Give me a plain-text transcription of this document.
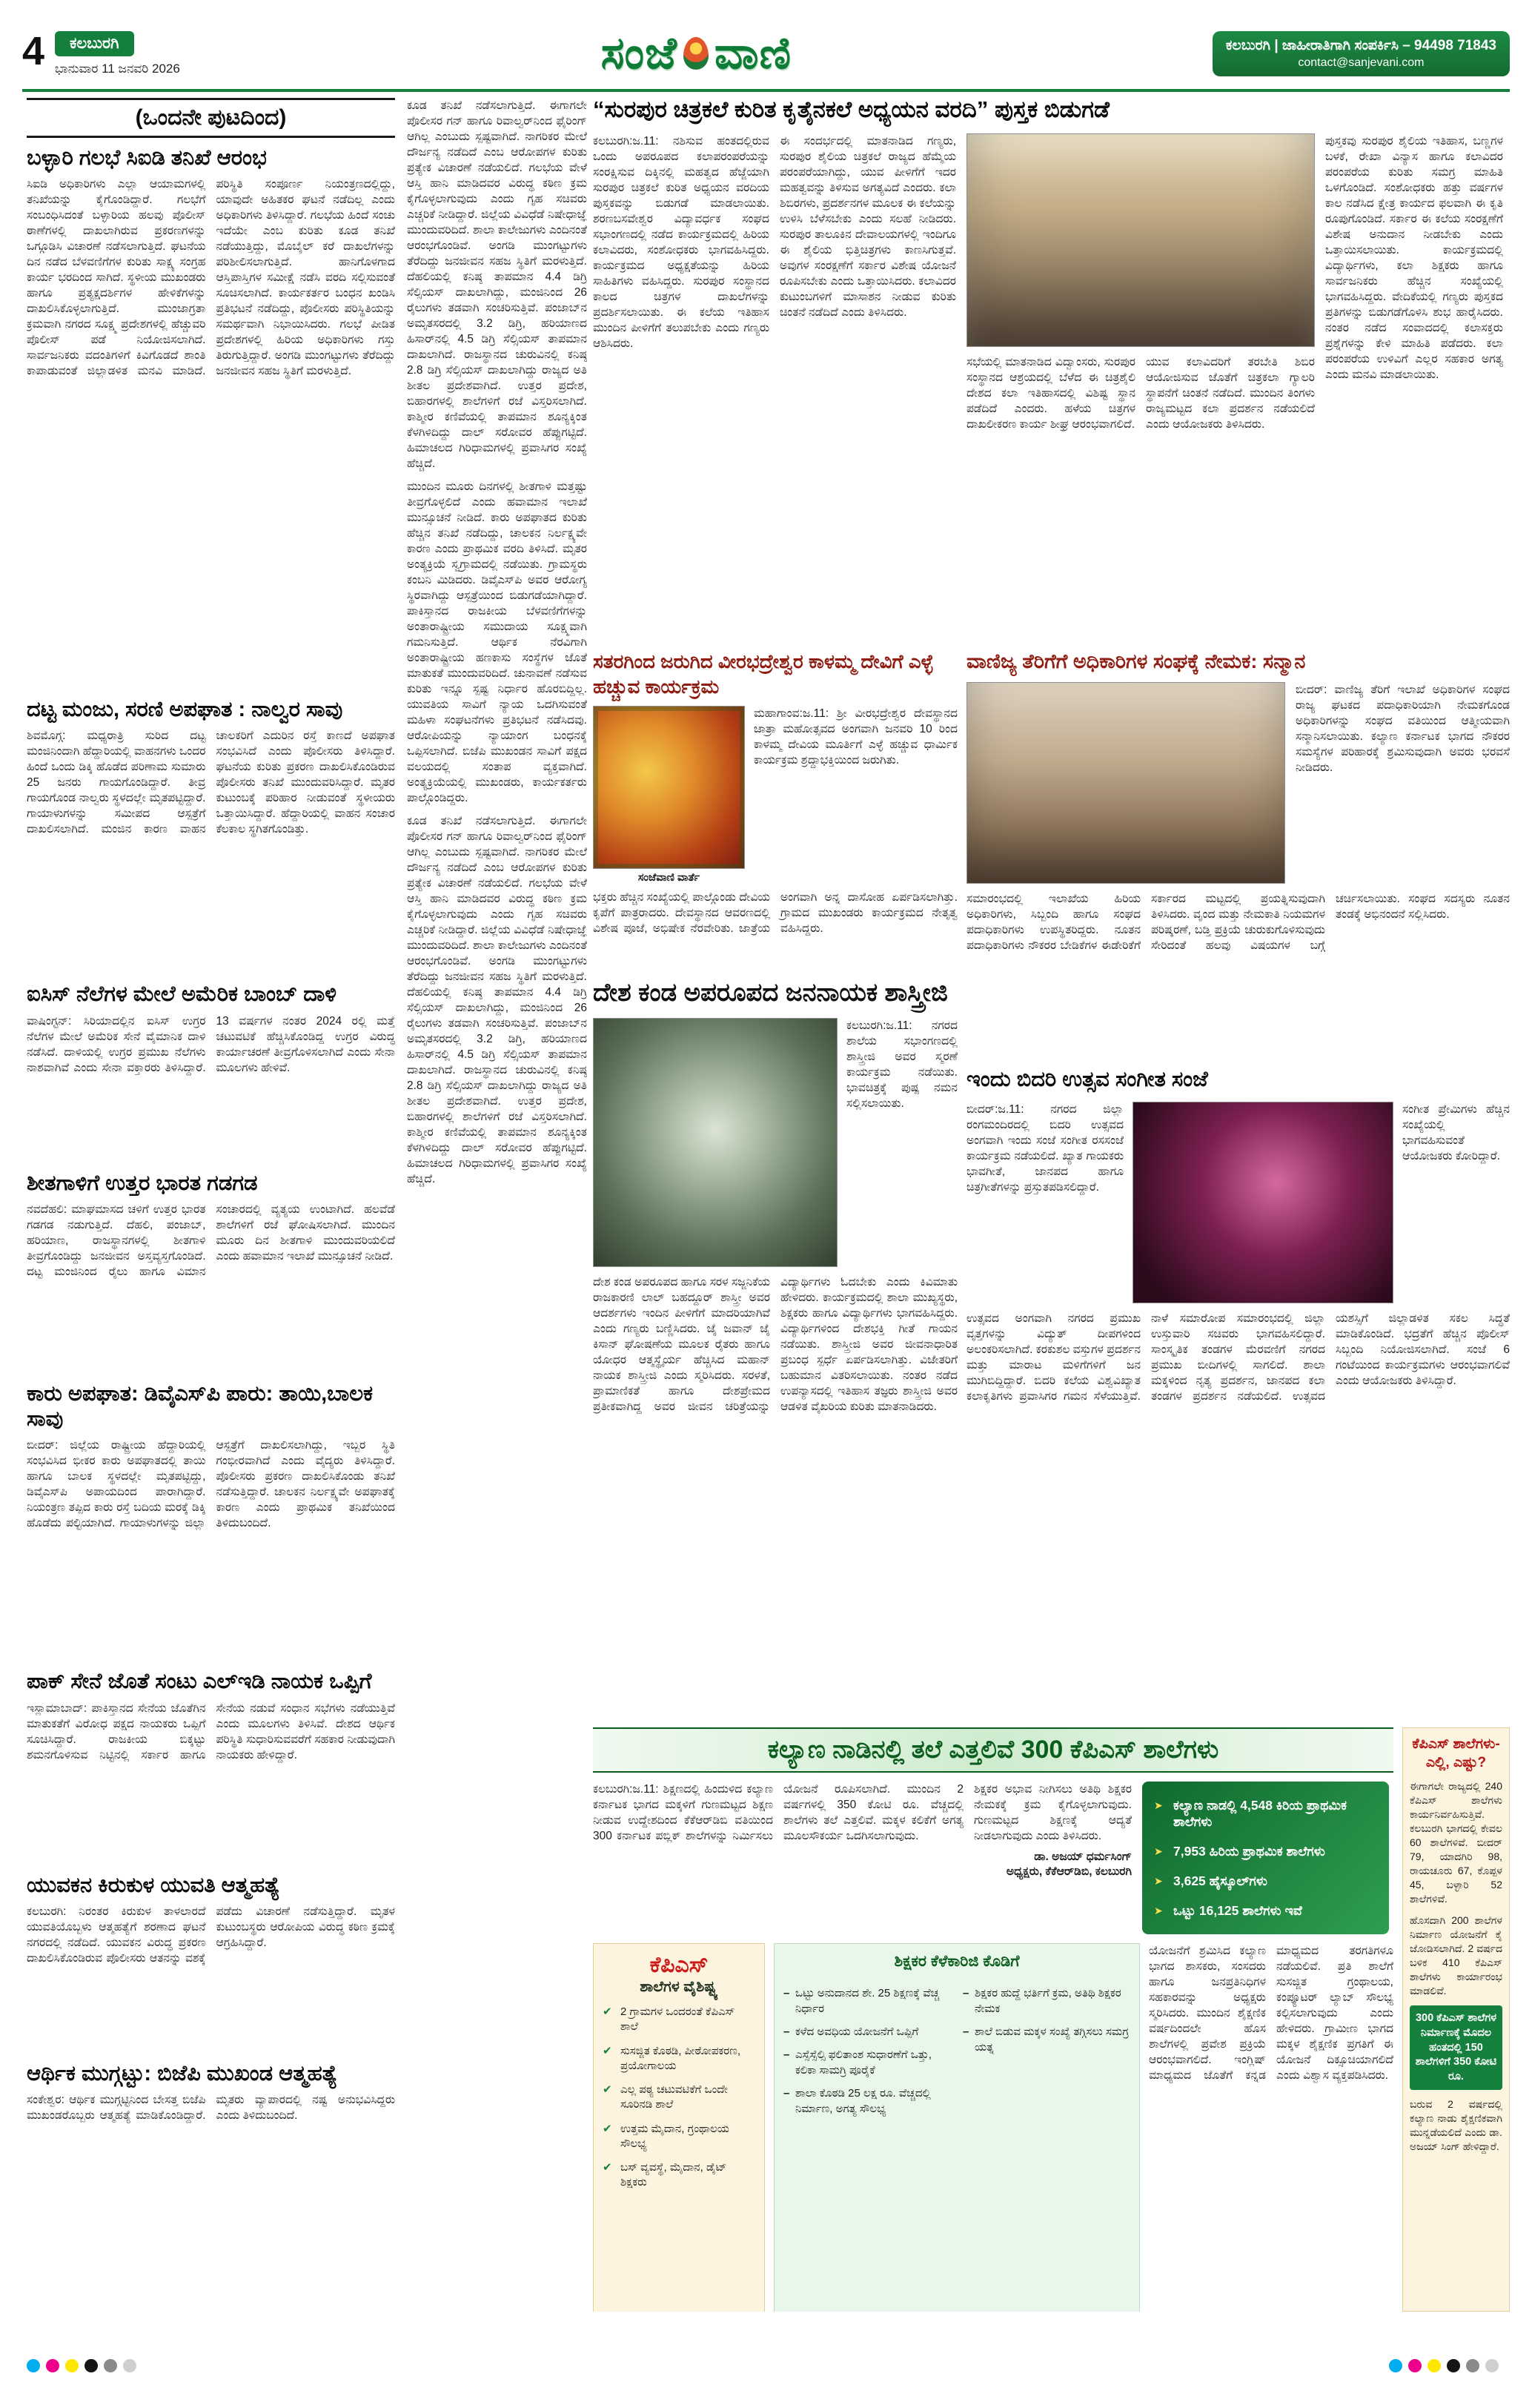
4	ಕಲಬುರಗಿ
ಭಾನುವಾರ 11 ಜನವರಿ 2026	ಸಂಜೆ ವಾಣಿ	ಕಲಬುರಗಿ | ಜಾಹೀರಾತಿಗಾಗಿ ಸಂಪರ್ಕಿಸಿ – 94498 71843
contact@sanjevani.com
(ಒಂದನೇ ಪುಟದಿಂದ)
ಬಳ್ಳಾರಿ ಗಲಭೆ ಸಿಐಡಿ ತನಿಖೆ ಆರಂಭ
ಸಿಐಡಿ ಅಧಿಕಾರಿಗಳು ಎಲ್ಲಾ ಆಯಾಮಗಳಲ್ಲಿ ತನಿಖೆಯನ್ನು ಕೈಗೊಂಡಿದ್ದಾರೆ. ಗಲಭೆಗೆ ಸಂಬಂಧಿಸಿದಂತೆ ಬಳ್ಳಾರಿಯ ಹಲವು ಪೊಲೀಸ್ ಠಾಣೆಗಳಲ್ಲಿ ದಾಖಲಾಗಿರುವ ಪ್ರಕರಣಗಳನ್ನು ಒಗ್ಗೂಡಿಸಿ ವಿಚಾರಣೆ ನಡೆಸಲಾಗುತ್ತಿದೆ. ಘಟನೆಯ ದಿನ ನಡೆದ ಬೆಳವಣಿಗೆಗಳ ಕುರಿತು ಸಾಕ್ಷ್ಯ ಸಂಗ್ರಹ ಕಾರ್ಯ ಭರದಿಂದ ಸಾಗಿದೆ. ಸ್ಥಳೀಯ ಮುಖಂಡರು ಹಾಗೂ ಪ್ರತ್ಯಕ್ಷದರ್ಶಿಗಳ ಹೇಳಿಕೆಗಳನ್ನು ದಾಖಲಿಸಿಕೊಳ್ಳಲಾಗುತ್ತಿದೆ. ಮುಂಜಾಗ್ರತಾ ಕ್ರಮವಾಗಿ ನಗರದ ಸೂಕ್ಷ್ಮ ಪ್ರದೇಶಗಳಲ್ಲಿ ಹೆಚ್ಚುವರಿ ಪೊಲೀಸ್ ಪಡೆ ನಿಯೋಜಿಸಲಾಗಿದೆ. ಸಾರ್ವಜನಿಕರು ವದಂತಿಗಳಿಗೆ ಕಿವಿಗೊಡದೆ ಶಾಂತಿ ಕಾಪಾಡುವಂತೆ ಜಿಲ್ಲಾಡಳಿತ ಮನವಿ ಮಾಡಿದೆ. ಪರಿಸ್ಥಿತಿ ಸಂಪೂರ್ಣ ನಿಯಂತ್ರಣದಲ್ಲಿದ್ದು, ಯಾವುದೇ ಅಹಿತಕರ ಘಟನೆ ನಡೆದಿಲ್ಲ ಎಂದು ಅಧಿಕಾರಿಗಳು ತಿಳಿಸಿದ್ದಾರೆ. ಗಲಭೆಯ ಹಿಂದೆ ಸಂಚು ಇದೆಯೇ ಎಂಬ ಕುರಿತು ಕೂಡ ತನಿಖೆ ನಡೆಯುತ್ತಿದ್ದು, ಮೊಬೈಲ್ ಕರೆ ದಾಖಲೆಗಳನ್ನು ಪರಿಶೀಲಿಸಲಾಗುತ್ತಿದೆ. ಹಾನಿಗೊಳಗಾದ ಆಸ್ತಿಪಾಸ್ತಿಗಳ ಸಮೀಕ್ಷೆ ನಡೆಸಿ ವರದಿ ಸಲ್ಲಿಸುವಂತೆ ಸೂಚಿಸಲಾಗಿದೆ. ಕಾರ್ಯಕರ್ತರ ಬಂಧನ ಖಂಡಿಸಿ ಪ್ರತಿಭಟನೆ ನಡೆದಿದ್ದು, ಪೊಲೀಸರು ಪರಿಸ್ಥಿತಿಯನ್ನು ಸಮರ್ಥವಾಗಿ ನಿಭಾಯಿಸಿದರು. ಗಲಭೆ ಪೀಡಿತ ಪ್ರದೇಶಗಳಲ್ಲಿ ಹಿರಿಯ ಅಧಿಕಾರಿಗಳು ಗಸ್ತು ತಿರುಗುತ್ತಿದ್ದಾರೆ. ಅಂಗಡಿ ಮುಂಗಟ್ಟುಗಳು ತೆರೆದಿದ್ದು ಜನಜೀವನ ಸಹಜ ಸ್ಥಿತಿಗೆ ಮರಳುತ್ತಿದೆ.
ದಟ್ಟ ಮಂಜು, ಸರಣಿ ಅಪಘಾತ : ನಾಲ್ವರ ಸಾವು
ಶಿವಮೊಗ್ಗ: ಮಧ್ಯರಾತ್ರಿ ಸುರಿದ ದಟ್ಟ ಮಂಜಿನಿಂದಾಗಿ ಹೆದ್ದಾರಿಯಲ್ಲಿ ವಾಹನಗಳು ಒಂದರ ಹಿಂದೆ ಒಂದು ಡಿಕ್ಕಿ ಹೊಡೆದ ಪರಿಣಾಮ ಸುಮಾರು 25 ಜನರು ಗಾಯಗೊಂಡಿದ್ದಾರೆ. ತೀವ್ರ ಗಾಯಗೊಂಡ ನಾಲ್ವರು ಸ್ಥಳದಲ್ಲೇ ಮೃತಪಟ್ಟಿದ್ದಾರೆ. ಗಾಯಾಳುಗಳನ್ನು ಸಮೀಪದ ಆಸ್ಪತ್ರೆಗೆ ದಾಖಲಿಸಲಾಗಿದೆ. ಮಂಜಿನ ಕಾರಣ ವಾಹನ ಚಾಲಕರಿಗೆ ಎದುರಿನ ರಸ್ತೆ ಕಾಣದೆ ಅಪಘಾತ ಸಂಭವಿಸಿದೆ ಎಂದು ಪೊಲೀಸರು ತಿಳಿಸಿದ್ದಾರೆ. ಘಟನೆಯ ಕುರಿತು ಪ್ರಕರಣ ದಾಖಲಿಸಿಕೊಂಡಿರುವ ಪೊಲೀಸರು ತನಿಖೆ ಮುಂದುವರಿಸಿದ್ದಾರೆ. ಮೃತರ ಕುಟುಂಬಕ್ಕೆ ಪರಿಹಾರ ನೀಡುವಂತೆ ಸ್ಥಳೀಯರು ಒತ್ತಾಯಿಸಿದ್ದಾರೆ. ಹೆದ್ದಾರಿಯಲ್ಲಿ ವಾಹನ ಸಂಚಾರ ಕೆಲಕಾಲ ಸ್ಥಗಿತಗೊಂಡಿತ್ತು.
ಐಸಿಸ್ ನೆಲೆಗಳ ಮೇಲೆ ಅಮೆರಿಕ ಬಾಂಬ್ ದಾಳಿ
ವಾಷಿಂಗ್ಟನ್: ಸಿರಿಯಾದಲ್ಲಿನ ಐಸಿಸ್ ಉಗ್ರರ ನೆಲೆಗಳ ಮೇಲೆ ಅಮೆರಿಕ ಸೇನೆ ವೈಮಾನಿಕ ದಾಳಿ ನಡೆಸಿದೆ. ದಾಳಿಯಲ್ಲಿ ಉಗ್ರರ ಪ್ರಮುಖ ನೆಲೆಗಳು ನಾಶವಾಗಿವೆ ಎಂದು ಸೇನಾ ವಕ್ತಾರರು ತಿಳಿಸಿದ್ದಾರೆ. 13 ವರ್ಷಗಳ ನಂತರ 2024 ರಲ್ಲಿ ಮತ್ತೆ ಚಟುವಟಿಕೆ ಹೆಚ್ಚಿಸಿಕೊಂಡಿದ್ದ ಉಗ್ರರ ವಿರುದ್ಧ ಕಾರ್ಯಾಚರಣೆ ತೀವ್ರಗೊಳಿಸಲಾಗಿದೆ ಎಂದು ಸೇನಾ ಮೂಲಗಳು ಹೇಳಿವೆ.
ಶೀತಗಾಳಿಗೆ ಉತ್ತರ ಭಾರತ ಗಡಗಡ
ನವದೆಹಲಿ: ಮಾಘಮಾಸದ ಚಳಿಗೆ ಉತ್ತರ ಭಾರತ ಗಡಗಡ ನಡುಗುತ್ತಿದೆ. ದೆಹಲಿ, ಪಂಜಾಬ್, ಹರಿಯಾಣ, ರಾಜಸ್ಥಾನಗಳಲ್ಲಿ ಶೀತಗಾಳಿ ತೀವ್ರಗೊಂಡಿದ್ದು ಜನಜೀವನ ಅಸ್ತವ್ಯಸ್ತಗೊಂಡಿದೆ. ದಟ್ಟ ಮಂಜಿನಿಂದ ರೈಲು ಹಾಗೂ ವಿಮಾನ ಸಂಚಾರದಲ್ಲಿ ವ್ಯತ್ಯಯ ಉಂಟಾಗಿದೆ. ಹಲವೆಡೆ ಶಾಲೆಗಳಿಗೆ ರಜೆ ಘೋಷಿಸಲಾಗಿದೆ. ಮುಂದಿನ ಮೂರು ದಿನ ಶೀತಗಾಳಿ ಮುಂದುವರಿಯಲಿದೆ ಎಂದು ಹವಾಮಾನ ಇಲಾಖೆ ಮುನ್ಸೂಚನೆ ನೀಡಿದೆ.
ಕಾರು ಅಪಘಾತ: ಡಿವೈಎಸ್‌ಪಿ ಪಾರು: ತಾಯಿ,ಬಾಲಕ ಸಾವು
ಬೀದರ್: ಜಿಲ್ಲೆಯ ರಾಷ್ಟ್ರೀಯ ಹೆದ್ದಾರಿಯಲ್ಲಿ ಸಂಭವಿಸಿದ ಭೀಕರ ಕಾರು ಅಪಘಾತದಲ್ಲಿ ತಾಯಿ ಹಾಗೂ ಬಾಲಕ ಸ್ಥಳದಲ್ಲೇ ಮೃತಪಟ್ಟಿದ್ದು, ಡಿವೈಎಸ್‌ಪಿ ಅಪಾಯದಿಂದ ಪಾರಾಗಿದ್ದಾರೆ. ನಿಯಂತ್ರಣ ತಪ್ಪಿದ ಕಾರು ರಸ್ತೆ ಬದಿಯ ಮರಕ್ಕೆ ಡಿಕ್ಕಿ ಹೊಡೆದು ಪಲ್ಟಿಯಾಗಿದೆ. ಗಾಯಾಳುಗಳನ್ನು ಜಿಲ್ಲಾ ಆಸ್ಪತ್ರೆಗೆ ದಾಖಲಿಸಲಾಗಿದ್ದು, ಇಬ್ಬರ ಸ್ಥಿತಿ ಗಂಭೀರವಾಗಿದೆ ಎಂದು ವೈದ್ಯರು ತಿಳಿಸಿದ್ದಾರೆ. ಪೊಲೀಸರು ಪ್ರಕರಣ ದಾಖಲಿಸಿಕೊಂಡು ತನಿಖೆ ನಡೆಸುತ್ತಿದ್ದಾರೆ. ಚಾಲಕನ ನಿರ್ಲಕ್ಷ್ಯವೇ ಅಪಘಾತಕ್ಕೆ ಕಾರಣ ಎಂದು ಪ್ರಾಥಮಿಕ ತನಿಖೆಯಿಂದ ತಿಳಿದುಬಂದಿದೆ.
ಪಾಕ್ ಸೇನೆ ಜೊತೆ ಸಂಟು ಎಲ್‌ಇಡಿ ನಾಯಕ ಒಪ್ಪಿಗೆ
ಇಸ್ಲಾಮಾಬಾದ್: ಪಾಕಿಸ್ತಾನದ ಸೇನೆಯ ಜೊತೆಗಿನ ಮಾತುಕತೆಗೆ ವಿರೋಧ ಪಕ್ಷದ ನಾಯಕರು ಒಪ್ಪಿಗೆ ಸೂಚಿಸಿದ್ದಾರೆ. ರಾಜಕೀಯ ಬಿಕ್ಕಟ್ಟು ಶಮನಗೊಳಿಸುವ ನಿಟ್ಟಿನಲ್ಲಿ ಸರ್ಕಾರ ಹಾಗೂ ಸೇನೆಯ ನಡುವೆ ಸಂಧಾನ ಸಭೆಗಳು ನಡೆಯುತ್ತಿವೆ ಎಂದು ಮೂಲಗಳು ತಿಳಿಸಿವೆ. ದೇಶದ ಆರ್ಥಿಕ ಪರಿಸ್ಥಿತಿ ಸುಧಾರಿಸುವವರೆಗೆ ಸಹಕಾರ ನೀಡುವುದಾಗಿ ನಾಯಕರು ಹೇಳಿದ್ದಾರೆ.
ಯುವಕನ ಕಿರುಕುಳ ಯುವತಿ ಆತ್ಮಹತ್ಯೆ
ಕಲಬುರಗಿ: ನಿರಂತರ ಕಿರುಕುಳ ತಾಳಲಾರದೆ ಯುವತಿಯೊಬ್ಬಳು ಆತ್ಮಹತ್ಯೆಗೆ ಶರಣಾದ ಘಟನೆ ನಗರದಲ್ಲಿ ನಡೆದಿದೆ. ಯುವಕನ ವಿರುದ್ಧ ಪ್ರಕರಣ ದಾಖಲಿಸಿಕೊಂಡಿರುವ ಪೊಲೀಸರು ಆತನನ್ನು ವಶಕ್ಕೆ ಪಡೆದು ವಿಚಾರಣೆ ನಡೆಸುತ್ತಿದ್ದಾರೆ. ಮೃತಳ ಕುಟುಂಬಸ್ಥರು ಆರೋಪಿಯ ವಿರುದ್ಧ ಕಠಿಣ ಕ್ರಮಕ್ಕೆ ಆಗ್ರಹಿಸಿದ್ದಾರೆ.
ಆರ್ಥಿಕ ಮುಗ್ಗಟ್ಟು: ಬಿಜೆಪಿ ಮುಖಂಡ ಆತ್ಮಹತ್ಯೆ
ಸಂಕೇಶ್ವರ: ಆರ್ಥಿಕ ಮುಗ್ಗಟ್ಟಿನಿಂದ ಬೇಸತ್ತ ಬಿಜೆಪಿ ಮುಖಂಡರೊಬ್ಬರು ಆತ್ಮಹತ್ಯೆ ಮಾಡಿಕೊಂಡಿದ್ದಾರೆ. ಮೃತರು ವ್ಯಾಪಾರದಲ್ಲಿ ನಷ್ಟ ಅನುಭವಿಸಿದ್ದರು ಎಂದು ತಿಳಿದುಬಂದಿದೆ.

ಕೂಡ ತನಿಖೆ ನಡೆಸಲಾಗುತ್ತಿದೆ. ಈಗಾಗಲೇ ಪೊಲೀಸರ ಗನ್ ಹಾಗೂ ರಿವಾಲ್ವರ್‌ನಿಂದ ಫೈರಿಂಗ್ ಆಗಿಲ್ಲ ಎಂಬುದು ಸ್ಪಷ್ಟವಾಗಿದೆ. ನಾಗರಿಕರ ಮೇಲೆ ದೌರ್ಜನ್ಯ ನಡೆದಿದೆ ಎಂಬ ಆರೋಪಗಳ ಕುರಿತು ಪ್ರತ್ಯೇಕ ವಿಚಾರಣೆ ನಡೆಯಲಿದೆ. ಗಲಭೆಯ ವೇಳೆ ಆಸ್ತಿ ಹಾನಿ ಮಾಡಿದವರ ವಿರುದ್ಧ ಕಠಿಣ ಕ್ರಮ ಕೈಗೊಳ್ಳಲಾಗುವುದು ಎಂದು ಗೃಹ ಸಚಿವರು ಎಚ್ಚರಿಕೆ ನೀಡಿದ್ದಾರೆ. ಜಿಲ್ಲೆಯ ವಿವಿಧೆಡೆ ನಿಷೇಧಾಜ್ಞೆ ಮುಂದುವರಿದಿದೆ. ಶಾಲಾ ಕಾಲೇಜುಗಳು ಎಂದಿನಂತೆ ಆರಂಭಗೊಂಡಿವೆ. ಅಂಗಡಿ ಮುಂಗಟ್ಟುಗಳು ತೆರೆದಿದ್ದು ಜನಜೀವನ ಸಹಜ ಸ್ಥಿತಿಗೆ ಮರಳುತ್ತಿದೆ. ದೆಹಲಿಯಲ್ಲಿ ಕನಿಷ್ಠ ತಾಪಮಾನ 4.4 ಡಿಗ್ರಿ ಸೆಲ್ಸಿಯಸ್ ದಾಖಲಾಗಿದ್ದು, ಮಂಜಿನಿಂದ 26 ರೈಲುಗಳು ತಡವಾಗಿ ಸಂಚರಿಸುತ್ತಿವೆ. ಪಂಜಾಬ್‌ನ ಅಮೃತಸರದಲ್ಲಿ 3.2 ಡಿಗ್ರಿ, ಹರಿಯಾಣದ ಹಿಸಾರ್‌ನಲ್ಲಿ 4.5 ಡಿಗ್ರಿ ಸೆಲ್ಸಿಯಸ್ ತಾಪಮಾನ ದಾಖಲಾಗಿದೆ. ರಾಜಸ್ಥಾನದ ಚುರುವಿನಲ್ಲಿ ಕನಿಷ್ಠ 2.8 ಡಿಗ್ರಿ ಸೆಲ್ಸಿಯಸ್ ದಾಖಲಾಗಿದ್ದು ರಾಜ್ಯದ ಅತಿ ಶೀತಲ ಪ್ರದೇಶವಾಗಿದೆ. ಉತ್ತರ ಪ್ರದೇಶ, ಬಿಹಾರಗಳಲ್ಲಿ ಶಾಲೆಗಳಿಗೆ ರಜೆ ವಿಸ್ತರಿಸಲಾಗಿದೆ. ಕಾಶ್ಮೀರ ಕಣಿವೆಯಲ್ಲಿ ತಾಪಮಾನ ಶೂನ್ಯಕ್ಕಿಂತ ಕೆಳಗಿಳಿದಿದ್ದು ದಾಲ್ ಸರೋವರ ಹೆಪ್ಪುಗಟ್ಟಿದೆ. ಹಿಮಾಚಲದ ಗಿರಿಧಾಮಗಳಲ್ಲಿ ಪ್ರವಾಸಿಗರ ಸಂಖ್ಯೆ ಹೆಚ್ಚಿದೆ.

ಮುಂದಿನ ಮೂರು ದಿನಗಳಲ್ಲಿ ಶೀತಗಾಳಿ ಮತ್ತಷ್ಟು ತೀವ್ರಗೊಳ್ಳಲಿದೆ ಎಂದು ಹವಾಮಾನ ಇಲಾಖೆ ಮುನ್ಸೂಚನೆ ನೀಡಿದೆ. ಕಾರು ಅಪಘಾತದ ಕುರಿತು ಹೆಚ್ಚಿನ ತನಿಖೆ ನಡೆದಿದ್ದು, ಚಾಲಕನ ನಿರ್ಲಕ್ಷ್ಯವೇ ಕಾರಣ ಎಂದು ಪ್ರಾಥಮಿಕ ವರದಿ ತಿಳಿಸಿದೆ. ಮೃತರ ಅಂತ್ಯಕ್ರಿಯೆ ಸ್ವಗ್ರಾಮದಲ್ಲಿ ನಡೆಯಿತು. ಗ್ರಾಮಸ್ಥರು ಕಂಬನಿ ಮಿಡಿದರು. ಡಿವೈಎಸ್‌ಪಿ ಅವರ ಆರೋಗ್ಯ ಸ್ಥಿರವಾಗಿದ್ದು ಆಸ್ಪತ್ರೆಯಿಂದ ಬಿಡುಗಡೆಯಾಗಿದ್ದಾರೆ. ಪಾಕಿಸ್ತಾನದ ರಾಜಕೀಯ ಬೆಳವಣಿಗೆಗಳನ್ನು ಅಂತಾರಾಷ್ಟ್ರೀಯ ಸಮುದಾಯ ಸೂಕ್ಷ್ಮವಾಗಿ ಗಮನಿಸುತ್ತಿದೆ. ಆರ್ಥಿಕ ನೆರವಿಗಾಗಿ ಅಂತಾರಾಷ್ಟ್ರೀಯ ಹಣಕಾಸು ಸಂಸ್ಥೆಗಳ ಜೊತೆ ಮಾತುಕತೆ ಮುಂದುವರಿದಿದೆ. ಚುನಾವಣೆ ನಡೆಸುವ ಕುರಿತು ಇನ್ನೂ ಸ್ಪಷ್ಟ ನಿರ್ಧಾರ ಹೊರಬಿದ್ದಿಲ್ಲ. ಯುವತಿಯ ಸಾವಿಗೆ ನ್ಯಾಯ ಒದಗಿಸುವಂತೆ ಮಹಿಳಾ ಸಂಘಟನೆಗಳು ಪ್ರತಿಭಟನೆ ನಡೆಸಿದವು. ಆರೋಪಿಯನ್ನು ನ್ಯಾಯಾಂಗ ಬಂಧನಕ್ಕೆ ಒಪ್ಪಿಸಲಾಗಿದೆ. ಬಿಜೆಪಿ ಮುಖಂಡನ ಸಾವಿಗೆ ಪಕ್ಷದ ವಲಯದಲ್ಲಿ ಸಂತಾಪ ವ್ಯಕ್ತವಾಗಿದೆ. ಅಂತ್ಯಕ್ರಿಯೆಯಲ್ಲಿ ಮುಖಂಡರು, ಕಾರ್ಯಕರ್ತರು ಪಾಲ್ಗೊಂಡಿದ್ದರು.

ಕೂಡ ತನಿಖೆ ನಡೆಸಲಾಗುತ್ತಿದೆ. ಈಗಾಗಲೇ ಪೊಲೀಸರ ಗನ್ ಹಾಗೂ ರಿವಾಲ್ವರ್‌ನಿಂದ ಫೈರಿಂಗ್ ಆಗಿಲ್ಲ ಎಂಬುದು ಸ್ಪಷ್ಟವಾಗಿದೆ. ನಾಗರಿಕರ ಮೇಲೆ ದೌರ್ಜನ್ಯ ನಡೆದಿದೆ ಎಂಬ ಆರೋಪಗಳ ಕುರಿತು ಪ್ರತ್ಯೇಕ ವಿಚಾರಣೆ ನಡೆಯಲಿದೆ. ಗಲಭೆಯ ವೇಳೆ ಆಸ್ತಿ ಹಾನಿ ಮಾಡಿದವರ ವಿರುದ್ಧ ಕಠಿಣ ಕ್ರಮ ಕೈಗೊಳ್ಳಲಾಗುವುದು ಎಂದು ಗೃಹ ಸಚಿವರು ಎಚ್ಚರಿಕೆ ನೀಡಿದ್ದಾರೆ. ಜಿಲ್ಲೆಯ ವಿವಿಧೆಡೆ ನಿಷೇಧಾಜ್ಞೆ ಮುಂದುವರಿದಿದೆ. ಶಾಲಾ ಕಾಲೇಜುಗಳು ಎಂದಿನಂತೆ ಆರಂಭಗೊಂಡಿವೆ. ಅಂಗಡಿ ಮುಂಗಟ್ಟುಗಳು ತೆರೆದಿದ್ದು ಜನಜೀವನ ಸಹಜ ಸ್ಥಿತಿಗೆ ಮರಳುತ್ತಿದೆ. ದೆಹಲಿಯಲ್ಲಿ ಕನಿಷ್ಠ ತಾಪಮಾನ 4.4 ಡಿಗ್ರಿ ಸೆಲ್ಸಿಯಸ್ ದಾಖಲಾಗಿದ್ದು, ಮಂಜಿನಿಂದ 26 ರೈಲುಗಳು ತಡವಾಗಿ ಸಂಚರಿಸುತ್ತಿವೆ. ಪಂಜಾಬ್‌ನ ಅಮೃತಸರದಲ್ಲಿ 3.2 ಡಿಗ್ರಿ, ಹರಿಯಾಣದ ಹಿಸಾರ್‌ನಲ್ಲಿ 4.5 ಡಿಗ್ರಿ ಸೆಲ್ಸಿಯಸ್ ತಾಪಮಾನ ದಾಖಲಾಗಿದೆ. ರಾಜಸ್ಥಾನದ ಚುರುವಿನಲ್ಲಿ ಕನಿಷ್ಠ 2.8 ಡಿಗ್ರಿ ಸೆಲ್ಸಿಯಸ್ ದಾಖಲಾಗಿದ್ದು ರಾಜ್ಯದ ಅತಿ ಶೀತಲ ಪ್ರದೇಶವಾಗಿದೆ. ಉತ್ತರ ಪ್ರದೇಶ, ಬಿಹಾರಗಳಲ್ಲಿ ಶಾಲೆಗಳಿಗೆ ರಜೆ ವಿಸ್ತರಿಸಲಾಗಿದೆ. ಕಾಶ್ಮೀರ ಕಣಿವೆಯಲ್ಲಿ ತಾಪಮಾನ ಶೂನ್ಯಕ್ಕಿಂತ ಕೆಳಗಿಳಿದಿದ್ದು ದಾಲ್ ಸರೋವರ ಹೆಪ್ಪುಗಟ್ಟಿದೆ. ಹಿಮಾಚಲದ ಗಿರಿಧಾಮಗಳಲ್ಲಿ ಪ್ರವಾಸಿಗರ ಸಂಖ್ಯೆ ಹೆಚ್ಚಿದೆ.

“ಸುರಪುರ ಚಿತ್ರಕಲೆ ಕುರಿತ ಕೃತೈನಕಲೆ ಅಧ್ಯಯನ ವರದಿ” ಪುಸ್ತಕ ಬಿಡುಗಡೆ
ಕಲಬುರಗಿ:ಜ.11: ನಶಿಸುವ ಹಂತದಲ್ಲಿರುವ ಒಂದು ಅಪರೂಪದ ಕಲಾಪರಂಪರೆಯನ್ನು ಸಂರಕ್ಷಿಸುವ ದಿಕ್ಕಿನಲ್ಲಿ ಮಹತ್ವದ ಹೆಜ್ಜೆಯಾಗಿ ಸುರಪುರ ಚಿತ್ರಕಲೆ ಕುರಿತ ಅಧ್ಯಯನ ವರದಿಯ ಪುಸ್ತಕವನ್ನು ಬಿಡುಗಡೆ ಮಾಡಲಾಯಿತು. ಶರಣಬಸವೇಶ್ವರ ವಿದ್ಯಾವರ್ಧಕ ಸಂಘದ ಸಭಾಂಗಣದಲ್ಲಿ ನಡೆದ ಕಾರ್ಯಕ್ರಮದಲ್ಲಿ ಹಿರಿಯ ಕಲಾವಿದರು, ಸಂಶೋಧಕರು ಭಾಗವಹಿಸಿದ್ದರು. ಕಾರ್ಯಕ್ರಮದ ಅಧ್ಯಕ್ಷತೆಯನ್ನು ಹಿರಿಯ ಸಾಹಿತಿಗಳು ವಹಿಸಿದ್ದರು. ಸುರಪುರ ಸಂಸ್ಥಾನದ ಕಾಲದ ಚಿತ್ರಗಳ ದಾಖಲೆಗಳನ್ನು ಪ್ರದರ್ಶಿಸಲಾಯಿತು. ಈ ಕಲೆಯ ಇತಿಹಾಸ ಮುಂದಿನ ಪೀಳಿಗೆಗೆ ತಲುಪಬೇಕು ಎಂದು ಗಣ್ಯರು ಆಶಿಸಿದರು.
ಈ ಸಂದರ್ಭದಲ್ಲಿ ಮಾತನಾಡಿದ ಗಣ್ಯರು, ಸುರಪುರ ಶೈಲಿಯ ಚಿತ್ರಕಲೆ ರಾಜ್ಯದ ಹೆಮ್ಮೆಯ ಪರಂಪರೆಯಾಗಿದ್ದು, ಯುವ ಪೀಳಿಗೆಗೆ ಇದರ ಮಹತ್ವವನ್ನು ತಿಳಿಸುವ ಅಗತ್ಯವಿದೆ ಎಂದರು. ಕಲಾ ಶಿಬಿರಗಳು, ಪ್ರದರ್ಶನಗಳ ಮೂಲಕ ಈ ಕಲೆಯನ್ನು ಉಳಿಸಿ ಬೆಳೆಸಬೇಕು ಎಂದು ಸಲಹೆ ನೀಡಿದರು. ಸುರಪುರ ತಾಲೂಕಿನ ದೇವಾಲಯಗಳಲ್ಲಿ ಇಂದಿಗೂ ಈ ಶೈಲಿಯ ಭಿತ್ತಿಚಿತ್ರಗಳು ಕಾಣಸಿಗುತ್ತವೆ. ಅವುಗಳ ಸಂರಕ್ಷಣೆಗೆ ಸರ್ಕಾರ ವಿಶೇಷ ಯೋಜನೆ ರೂಪಿಸಬೇಕು ಎಂದು ಒತ್ತಾಯಿಸಿದರು. ಕಲಾವಿದರ ಕುಟುಂಬಗಳಿಗೆ ಮಾಸಾಶನ ನೀಡುವ ಕುರಿತು ಚಿಂತನೆ ನಡೆದಿದೆ ಎಂದು ತಿಳಿಸಿದರು.
ಸಭೆಯಲ್ಲಿ ಮಾತನಾಡಿದ ವಿದ್ವಾಂಸರು, ಸುರಪುರ ಸಂಸ್ಥಾನದ ಆಶ್ರಯದಲ್ಲಿ ಬೆಳೆದ ಈ ಚಿತ್ರಶೈಲಿ ದೇಶದ ಕಲಾ ಇತಿಹಾಸದಲ್ಲಿ ವಿಶಿಷ್ಟ ಸ್ಥಾನ ಪಡೆದಿದೆ ಎಂದರು. ಹಳೆಯ ಚಿತ್ರಗಳ ದಾಖಲೀಕರಣ ಕಾರ್ಯ ಶೀಘ್ರ ಆರಂಭವಾಗಲಿದೆ.
ಯುವ ಕಲಾವಿದರಿಗೆ ತರಬೇತಿ ಶಿಬಿರ ಆಯೋಜಿಸುವ ಜೊತೆಗೆ ಚಿತ್ರಕಲಾ ಗ್ಯಾಲರಿ ಸ್ಥಾಪನೆಗೆ ಚಿಂತನೆ ನಡೆದಿದೆ. ಮುಂದಿನ ತಿಂಗಳು ರಾಜ್ಯಮಟ್ಟದ ಕಲಾ ಪ್ರದರ್ಶನ ನಡೆಯಲಿದೆ ಎಂದು ಆಯೋಜಕರು ತಿಳಿಸಿದರು.
ಪುಸ್ತಕವು ಸುರಪುರ ಶೈಲಿಯ ಇತಿಹಾಸ, ಬಣ್ಣಗಳ ಬಳಕೆ, ರೇಖಾ ವಿನ್ಯಾಸ ಹಾಗೂ ಕಲಾವಿದರ ಪರಂಪರೆಯ ಕುರಿತು ಸಮಗ್ರ ಮಾಹಿತಿ ಒಳಗೊಂಡಿದೆ. ಸಂಶೋಧಕರು ಹತ್ತು ವರ್ಷಗಳ ಕಾಲ ನಡೆಸಿದ ಕ್ಷೇತ್ರ ಕಾರ್ಯದ ಫಲವಾಗಿ ಈ ಕೃತಿ ರೂಪುಗೊಂಡಿದೆ. ಸರ್ಕಾರ ಈ ಕಲೆಯ ಸಂರಕ್ಷಣೆಗೆ ವಿಶೇಷ ಅನುದಾನ ನೀಡಬೇಕು ಎಂದು ಒತ್ತಾಯಿಸಲಾಯಿತು. ಕಾರ್ಯಕ್ರಮದಲ್ಲಿ ವಿದ್ಯಾರ್ಥಿಗಳು, ಕಲಾ ಶಿಕ್ಷಕರು ಹಾಗೂ ಸಾರ್ವಜನಿಕರು ಹೆಚ್ಚಿನ ಸಂಖ್ಯೆಯಲ್ಲಿ ಭಾಗವಹಿಸಿದ್ದರು. ವೇದಿಕೆಯಲ್ಲಿ ಗಣ್ಯರು ಪುಸ್ತಕದ ಪ್ರತಿಗಳನ್ನು ಬಿಡುಗಡೆಗೊಳಿಸಿ ಶುಭ ಹಾರೈಸಿದರು. ನಂತರ ನಡೆದ ಸಂವಾದದಲ್ಲಿ ಕಲಾಸಕ್ತರು ಪ್ರಶ್ನೆಗಳನ್ನು ಕೇಳಿ ಮಾಹಿತಿ ಪಡೆದರು. ಕಲಾ ಪರಂಪರೆಯ ಉಳಿವಿಗೆ ಎಲ್ಲರ ಸಹಕಾರ ಅಗತ್ಯ ಎಂದು ಮನವಿ ಮಾಡಲಾಯಿತು.
ಸತರಗಿಂದ ಜರುಗಿದ ವೀರಭದ್ರೇಶ್ವರ ಕಾಳಮ್ಮ ದೇವಿಗೆ ಎಳ್ಳೆ ಹಚ್ಚುವ ಕಾರ್ಯಕ್ರಮ
ಸಂಜೆವಾಣಿ ವಾರ್ತೆ
ಮಹಾಗಾಂವ:ಜ.11: ಶ್ರೀ ವೀರಭದ್ರೇಶ್ವರ ದೇವಸ್ಥಾನದ ಜಾತ್ರಾ ಮಹೋತ್ಸವದ ಅಂಗವಾಗಿ ಜನವರಿ 10 ರಿಂದ ಕಾಳಮ್ಮ ದೇವಿಯ ಮೂರ್ತಿಗೆ ಎಳ್ಳೆ ಹಚ್ಚುವ ಧಾರ್ಮಿಕ ಕಾರ್ಯಕ್ರಮ ಶ್ರದ್ಧಾಭಕ್ತಿಯಿಂದ ಜರುಗಿತು.
ಭಕ್ತರು ಹೆಚ್ಚಿನ ಸಂಖ್ಯೆಯಲ್ಲಿ ಪಾಲ್ಗೊಂಡು ದೇವಿಯ ಕೃಪೆಗೆ ಪಾತ್ರರಾದರು. ದೇವಸ್ಥಾನದ ಆವರಣದಲ್ಲಿ ವಿಶೇಷ ಪೂಜೆ, ಅಭಿಷೇಕ ನೆರವೇರಿತು. ಜಾತ್ರೆಯ ಅಂಗವಾಗಿ ಅನ್ನ ದಾಸೋಹ ಏರ್ಪಡಿಸಲಾಗಿತ್ತು. ಗ್ರಾಮದ ಮುಖಂಡರು ಕಾರ್ಯಕ್ರಮದ ನೇತೃತ್ವ ವಹಿಸಿದ್ದರು.
ವಾಣಿಜ್ಯ ತೆರಿಗೆಗೆ ಅಧಿಕಾರಿಗಳ ಸಂಘಕ್ಕೆ ನೇಮಕ: ಸನ್ಮಾನ
ಬೀದರ್: ವಾಣಿಜ್ಯ ತೆರಿಗೆ ಇಲಾಖೆ ಅಧಿಕಾರಿಗಳ ಸಂಘದ ರಾಜ್ಯ ಘಟಕದ ಪದಾಧಿಕಾರಿಯಾಗಿ ನೇಮಕಗೊಂಡ ಅಧಿಕಾರಿಗಳನ್ನು ಸಂಘದ ವತಿಯಿಂದ ಆತ್ಮೀಯವಾಗಿ ಸನ್ಮಾನಿಸಲಾಯಿತು. ಕಲ್ಯಾಣ ಕರ್ನಾಟಕ ಭಾಗದ ನೌಕರರ ಸಮಸ್ಯೆಗಳ ಪರಿಹಾರಕ್ಕೆ ಶ್ರಮಿಸುವುದಾಗಿ ಅವರು ಭರವಸೆ ನೀಡಿದರು.
ಸಮಾರಂಭದಲ್ಲಿ ಇಲಾಖೆಯ ಹಿರಿಯ ಅಧಿಕಾರಿಗಳು, ಸಿಬ್ಬಂದಿ ಹಾಗೂ ಸಂಘದ ಪದಾಧಿಕಾರಿಗಳು ಉಪಸ್ಥಿತರಿದ್ದರು. ನೂತನ ಪದಾಧಿಕಾರಿಗಳು ನೌಕರರ ಬೇಡಿಕೆಗಳ ಈಡೇರಿಕೆಗೆ ಸರ್ಕಾರದ ಮಟ್ಟದಲ್ಲಿ ಪ್ರಯತ್ನಿಸುವುದಾಗಿ ತಿಳಿಸಿದರು. ವೃಂದ ಮತ್ತು ನೇಮಕಾತಿ ನಿಯಮಗಳ ಪರಿಷ್ಕರಣೆ, ಬಡ್ತಿ ಪ್ರಕ್ರಿಯೆ ಚುರುಕುಗೊಳಿಸುವುದು ಸೇರಿದಂತೆ ಹಲವು ವಿಷಯಗಳ ಬಗ್ಗೆ ಚರ್ಚಿಸಲಾಯಿತು. ಸಂಘದ ಸದಸ್ಯರು ನೂತನ ತಂಡಕ್ಕೆ ಅಭಿನಂದನೆ ಸಲ್ಲಿಸಿದರು.
ದೇಶ ಕಂಡ ಅಪರೂಪದ ಜನನಾಯಕ ಶಾಸ್ತ್ರೀಜಿ
ಕಲಬುರಗಿ:ಜ.11: ನಗರದ ಶಾಲೆಯ ಸಭಾಂಗಣದಲ್ಲಿ ಶಾಸ್ತ್ರೀಜಿ ಅವರ ಸ್ಮರಣೆ ಕಾರ್ಯಕ್ರಮ ನಡೆಯಿತು. ಭಾವಚಿತ್ರಕ್ಕೆ ಪುಷ್ಪ ನಮನ ಸಲ್ಲಿಸಲಾಯಿತು.
ದೇಶ ಕಂಡ ಅಪರೂಪದ ಹಾಗೂ ಸರಳ ಸಜ್ಜನಿಕೆಯ ರಾಜಕಾರಣಿ ಲಾಲ್ ಬಹದ್ದೂರ್ ಶಾಸ್ತ್ರೀ ಅವರ ಆದರ್ಶಗಳು ಇಂದಿನ ಪೀಳಿಗೆಗೆ ಮಾದರಿಯಾಗಿವೆ ಎಂದು ಗಣ್ಯರು ಬಣ್ಣಿಸಿದರು. ಜೈ ಜವಾನ್ ಜೈ ಕಿಸಾನ್ ಘೋಷಣೆಯ ಮೂಲಕ ರೈತರು ಹಾಗೂ ಯೋಧರ ಆತ್ಮಸ್ಥೈರ್ಯ ಹೆಚ್ಚಿಸಿದ ಮಹಾನ್ ನಾಯಕ ಶಾಸ್ತ್ರೀಜಿ ಎಂದು ಸ್ಮರಿಸಿದರು. ಸರಳತೆ, ಪ್ರಾಮಾಣಿಕತೆ ಹಾಗೂ ದೇಶಪ್ರೇಮದ ಪ್ರತೀಕವಾಗಿದ್ದ ಅವರ ಜೀವನ ಚರಿತ್ರೆಯನ್ನು ವಿದ್ಯಾರ್ಥಿಗಳು ಓದಬೇಕು ಎಂದು ಕಿವಿಮಾತು ಹೇಳಿದರು. ಕಾರ್ಯಕ್ರಮದಲ್ಲಿ ಶಾಲಾ ಮುಖ್ಯಸ್ಥರು, ಶಿಕ್ಷಕರು ಹಾಗೂ ವಿದ್ಯಾರ್ಥಿಗಳು ಭಾಗವಹಿಸಿದ್ದರು. ವಿದ್ಯಾರ್ಥಿಗಳಿಂದ ದೇಶಭಕ್ತಿ ಗೀತೆ ಗಾಯನ ನಡೆಯಿತು. ಶಾಸ್ತ್ರೀಜಿ ಅವರ ಜೀವನಾಧಾರಿತ ಪ್ರಬಂಧ ಸ್ಪರ್ಧೆ ಏರ್ಪಡಿಸಲಾಗಿತ್ತು. ವಿಜೇತರಿಗೆ ಬಹುಮಾನ ವಿತರಿಸಲಾಯಿತು. ನಂತರ ನಡೆದ ಉಪನ್ಯಾಸದಲ್ಲಿ ಇತಿಹಾಸ ತಜ್ಞರು ಶಾಸ್ತ್ರೀಜಿ ಅವರ ಆಡಳಿತ ವೈಖರಿಯ ಕುರಿತು ಮಾತನಾಡಿದರು.
ಇಂದು ಬಿದರಿ ಉತ್ಸವ ಸಂಗೀತ ಸಂಜೆ
ಬೀದರ್:ಜ.11: ನಗರದ ಜಿಲ್ಲಾ ರಂಗಮಂದಿರದಲ್ಲಿ ಬಿದರಿ ಉತ್ಸವದ ಅಂಗವಾಗಿ ಇಂದು ಸಂಜೆ ಸಂಗೀತ ರಸಸಂಜೆ ಕಾರ್ಯಕ್ರಮ ನಡೆಯಲಿದೆ. ಖ್ಯಾತ ಗಾಯಕರು ಭಾವಗೀತೆ, ಜಾನಪದ ಹಾಗೂ ಚಿತ್ರಗೀತೆಗಳನ್ನು ಪ್ರಸ್ತುತಪಡಿಸಲಿದ್ದಾರೆ.
ಸಂಗೀತ ಪ್ರೇಮಿಗಳು ಹೆಚ್ಚಿನ ಸಂಖ್ಯೆಯಲ್ಲಿ ಭಾಗವಹಿಸುವಂತೆ ಆಯೋಜಕರು ಕೋರಿದ್ದಾರೆ.
ಉತ್ಸವದ ಅಂಗವಾಗಿ ನಗರದ ಪ್ರಮುಖ ವೃತ್ತಗಳನ್ನು ವಿದ್ಯುತ್ ದೀಪಗಳಿಂದ ಅಲಂಕರಿಸಲಾಗಿದೆ. ಕರಕುಶಲ ವಸ್ತುಗಳ ಪ್ರದರ್ಶನ ಮತ್ತು ಮಾರಾಟ ಮಳಿಗೆಗಳಿಗೆ ಜನ ಮುಗಿಬಿದ್ದಿದ್ದಾರೆ. ಬಿದರಿ ಕಲೆಯ ವಿಶ್ವವಿಖ್ಯಾತ ಕಲಾಕೃತಿಗಳು ಪ್ರವಾಸಿಗರ ಗಮನ ಸೆಳೆಯುತ್ತಿವೆ. ನಾಳೆ ಸಮಾರೋಪ ಸಮಾರಂಭದಲ್ಲಿ ಜಿಲ್ಲಾ ಉಸ್ತುವಾರಿ ಸಚಿವರು ಭಾಗವಹಿಸಲಿದ್ದಾರೆ. ಸಾಂಸ್ಕೃತಿಕ ತಂಡಗಳ ಮೆರವಣಿಗೆ ನಗರದ ಪ್ರಮುಖ ಬೀದಿಗಳಲ್ಲಿ ಸಾಗಲಿದೆ. ಶಾಲಾ ಮಕ್ಕಳಿಂದ ನೃತ್ಯ ಪ್ರದರ್ಶನ, ಜಾನಪದ ಕಲಾ ತಂಡಗಳ ಪ್ರದರ್ಶನ ನಡೆಯಲಿದೆ. ಉತ್ಸವದ ಯಶಸ್ಸಿಗೆ ಜಿಲ್ಲಾಡಳಿತ ಸಕಲ ಸಿದ್ಧತೆ ಮಾಡಿಕೊಂಡಿದೆ. ಭದ್ರತೆಗೆ ಹೆಚ್ಚಿನ ಪೊಲೀಸ್ ಸಿಬ್ಬಂದಿ ನಿಯೋಜಿಸಲಾಗಿದೆ. ಸಂಜೆ 6 ಗಂಟೆಯಿಂದ ಕಾರ್ಯಕ್ರಮಗಳು ಆರಂಭವಾಗಲಿವೆ ಎಂದು ಆಯೋಜಕರು ತಿಳಿಸಿದ್ದಾರೆ.
ಕಲ್ಯಾಣ ನಾಡಿನಲ್ಲಿ ತಲೆ ಎತ್ತಲಿವೆ 300 ಕೆಪಿಎಸ್ ಶಾಲೆಗಳು
ಕಲಬುರಗಿ:ಜ.11: ಶಿಕ್ಷಣದಲ್ಲಿ ಹಿಂದುಳಿದ ಕಲ್ಯಾಣ ಕರ್ನಾಟಕ ಭಾಗದ ಮಕ್ಕಳಿಗೆ ಗುಣಮಟ್ಟದ ಶಿಕ್ಷಣ ನೀಡುವ ಉದ್ದೇಶದಿಂದ ಕೆಕೆಆರ್‌ಡಿಬಿ ವತಿಯಿಂದ 300 ಕರ್ನಾಟಕ ಪಬ್ಲಿಕ್ ಶಾಲೆಗಳನ್ನು ನಿರ್ಮಿಸಲು ಯೋಜನೆ ರೂಪಿಸಲಾಗಿದೆ. ಮುಂದಿನ 2 ವರ್ಷಗಳಲ್ಲಿ 350 ಕೋಟಿ ರೂ. ವೆಚ್ಚದಲ್ಲಿ ಶಾಲೆಗಳು ತಲೆ ಎತ್ತಲಿವೆ. ಮಕ್ಕಳ ಕಲಿಕೆಗೆ ಅಗತ್ಯ ಮೂಲಸೌಕರ್ಯ ಒದಗಿಸಲಾಗುವುದು.
ಶಿಕ್ಷಕರ ಅಭಾವ ನೀಗಿಸಲು ಅತಿಥಿ ಶಿಕ್ಷಕರ ನೇಮಕಕ್ಕೆ ಕ್ರಮ ಕೈಗೊಳ್ಳಲಾಗುವುದು. ಗುಣಮಟ್ಟದ ಶಿಕ್ಷಣಕ್ಕೆ ಆದ್ಯತೆ ನೀಡಲಾಗುವುದು ಎಂದು ತಿಳಿಸಿದರು.
ಡಾ. ಅಜಯ್ ಧರ್ಮಸಿಂಗ್
ಅಧ್ಯಕ್ಷರು, ಕೆಕೆಆರ್‌ಡಿಬಿ, ಕಲಬುರಗಿ
➤ ಕಲ್ಯಾಣ ನಾಡಲ್ಲಿ 4,548 ಕಿರಿಯ ಪ್ರಾಥಮಿಕ ಶಾಲೆಗಳು
➤ 7,953 ಹಿರಿಯ ಪ್ರಾಥಮಿಕ ಶಾಲೆಗಳು
➤ 3,625 ಹೈಸ್ಕೂಲ್‌ಗಳು
➤ ಒಟ್ಟು 16,125 ಶಾಲೆಗಳು ಇವೆ
ಕೆಪಿಎಸ್
ಶಾಲೆಗಳ ವೈಶಿಷ್ಟ್ಯ
✔ 2 ಗ್ರಾಮಗಳ ಒಂದರಂತೆ ಕೆಪಿಎಸ್ ಶಾಲೆ
✔ ಸುಸಜ್ಜಿತ ಕೊಠಡಿ, ಪೀಠೋಪಕರಣ, ಪ್ರಯೋಗಾಲಯ
✔ ಎಲ್ಲ ಪಠ್ಯ ಚಟುವಟಿಕೆಗೆ ಒಂದೇ ಸೂರಿನಡಿ ಶಾಲೆ
✔ ಉತ್ತಮ ಮೈದಾನ, ಗ್ರಂಥಾಲಯ ಸೌಲಭ್ಯ
✔ ಬಸ್ ವ್ಯವಸ್ಥೆ, ಮೈದಾನ, ಡೈಟ್ ಶಿಕ್ಷಕರು
ಶಿಕ್ಷಕರ ಕೆಳೆಕಾರಿಜಿ ಕೊಡಿಗೆ
– ಒಟ್ಟು ಅನುದಾನದ ಶೇ. 25 ಶಿಕ್ಷಣಕ್ಕೆ ವೆಚ್ಚ ನಿರ್ಧಾರ
– ಕಳೆದ ಅವಧಿಯ ಯೋಜನೆಗೆ ಒಪ್ಪಿಗೆ
– ಎಸ್ಸೆಸ್ಸೆಲ್ಸಿ ಫಲಿತಾಂಶ ಸುಧಾರಣೆಗೆ ಒತ್ತು, ಕಲಿಕಾ ಸಾಮಗ್ರಿ ಪೂರೈಕೆ
– ಶಾಲಾ ಕೊಠಡಿ 25 ಲಕ್ಷ ರೂ. ವೆಚ್ಚದಲ್ಲಿ ನಿರ್ಮಾಣ, ಅಗತ್ಯ ಸೌಲಭ್ಯ
– ಶಿಕ್ಷಕರ ಹುದ್ದೆ ಭರ್ತಿಗೆ ಕ್ರಮ, ಅತಿಥಿ ಶಿಕ್ಷಕರ ನೇಮಕ
– ಶಾಲೆ ಬಿಡುವ ಮಕ್ಕಳ ಸಂಖ್ಯೆ ತಗ್ಗಿಸಲು ಸಮಗ್ರ ಯತ್ನ
ಯೋಜನೆಗೆ ಶ್ರಮಿಸಿದ ಕಲ್ಯಾಣ ಭಾಗದ ಶಾಸಕರು, ಸಂಸದರು ಹಾಗೂ ಜನಪ್ರತಿನಿಧಿಗಳ ಸಹಕಾರವನ್ನು ಅಧ್ಯಕ್ಷರು ಸ್ಮರಿಸಿದರು. ಮುಂದಿನ ಶೈಕ್ಷಣಿಕ ವರ್ಷದಿಂದಲೇ ಹೊಸ ಶಾಲೆಗಳಲ್ಲಿ ಪ್ರವೇಶ ಪ್ರಕ್ರಿಯೆ ಆರಂಭವಾಗಲಿದೆ. ಇಂಗ್ಲಿಷ್ ಮಾಧ್ಯಮದ ಜೊತೆಗೆ ಕನ್ನಡ ಮಾಧ್ಯಮದ ತರಗತಿಗಳೂ ನಡೆಯಲಿವೆ. ಪ್ರತಿ ಶಾಲೆಗೆ ಸುಸಜ್ಜಿತ ಗ್ರಂಥಾಲಯ, ಕಂಪ್ಯೂಟರ್ ಲ್ಯಾಬ್ ಸೌಲಭ್ಯ ಕಲ್ಪಿಸಲಾಗುವುದು ಎಂದು ಹೇಳಿದರು. ಗ್ರಾಮೀಣ ಭಾಗದ ಮಕ್ಕಳ ಶೈಕ್ಷಣಿಕ ಪ್ರಗತಿಗೆ ಈ ಯೋಜನೆ ದಿಕ್ಸೂಚಿಯಾಗಲಿದೆ ಎಂದು ವಿಶ್ವಾಸ ವ್ಯಕ್ತಪಡಿಸಿದರು.
ಕೆಪಿಎಸ್ ಶಾಲೆಗಳು- ಎಲ್ಲಿ, ಎಷ್ಟು?

ಈಗಾಗಲೇ ರಾಜ್ಯದಲ್ಲಿ 240 ಕೆಪಿಎಸ್ ಶಾಲೆಗಳು ಕಾರ್ಯನಿರ್ವಹಿಸುತ್ತಿವೆ. ಕಲಬುರಗಿ ಭಾಗದಲ್ಲಿ ಕೇವಲ 60 ಶಾಲೆಗಳಿವೆ. ಬೀದರ್ 79, ಯಾದಗಿರಿ 98, ರಾಯಚೂರು 67, ಕೊಪ್ಪಳ 45, ಬಳ್ಳಾರಿ 52 ಶಾಲೆಗಳಿವೆ.

ಹೊಸದಾಗಿ 200 ಶಾಲೆಗಳ ನಿರ್ಮಾಣ ಯೋಜನೆಗೆ ಕೈ ಜೋಡಿಸಲಾಗಿದೆ. 2 ವರ್ಷದ ಬಳಿಕ 410 ಕೆಪಿಎಸ್ ಶಾಲೆಗಳು ಕಾರ್ಯಾರಂಭ ಮಾಡಲಿವೆ.

300 ಕೆಪಿಎಸ್ ಶಾಲೆಗಳ ನಿರ್ಮಾಣಕ್ಕೆ ಮೊದಲ ಹಂತದಲ್ಲಿ 150 ಶಾಲೆಗಳಿಗೆ 350 ಕೋಟಿ ರೂ.

ಬರುವ 2 ವರ್ಷದಲ್ಲಿ ಕಲ್ಯಾಣ ನಾಡು ಶೈಕ್ಷಣಿಕವಾಗಿ ಮುನ್ನಡೆಯಲಿದೆ ಎಂದು ಡಾ. ಅಜಯ್ ಸಿಂಗ್ ಹೇಳಿದ್ದಾರೆ.
